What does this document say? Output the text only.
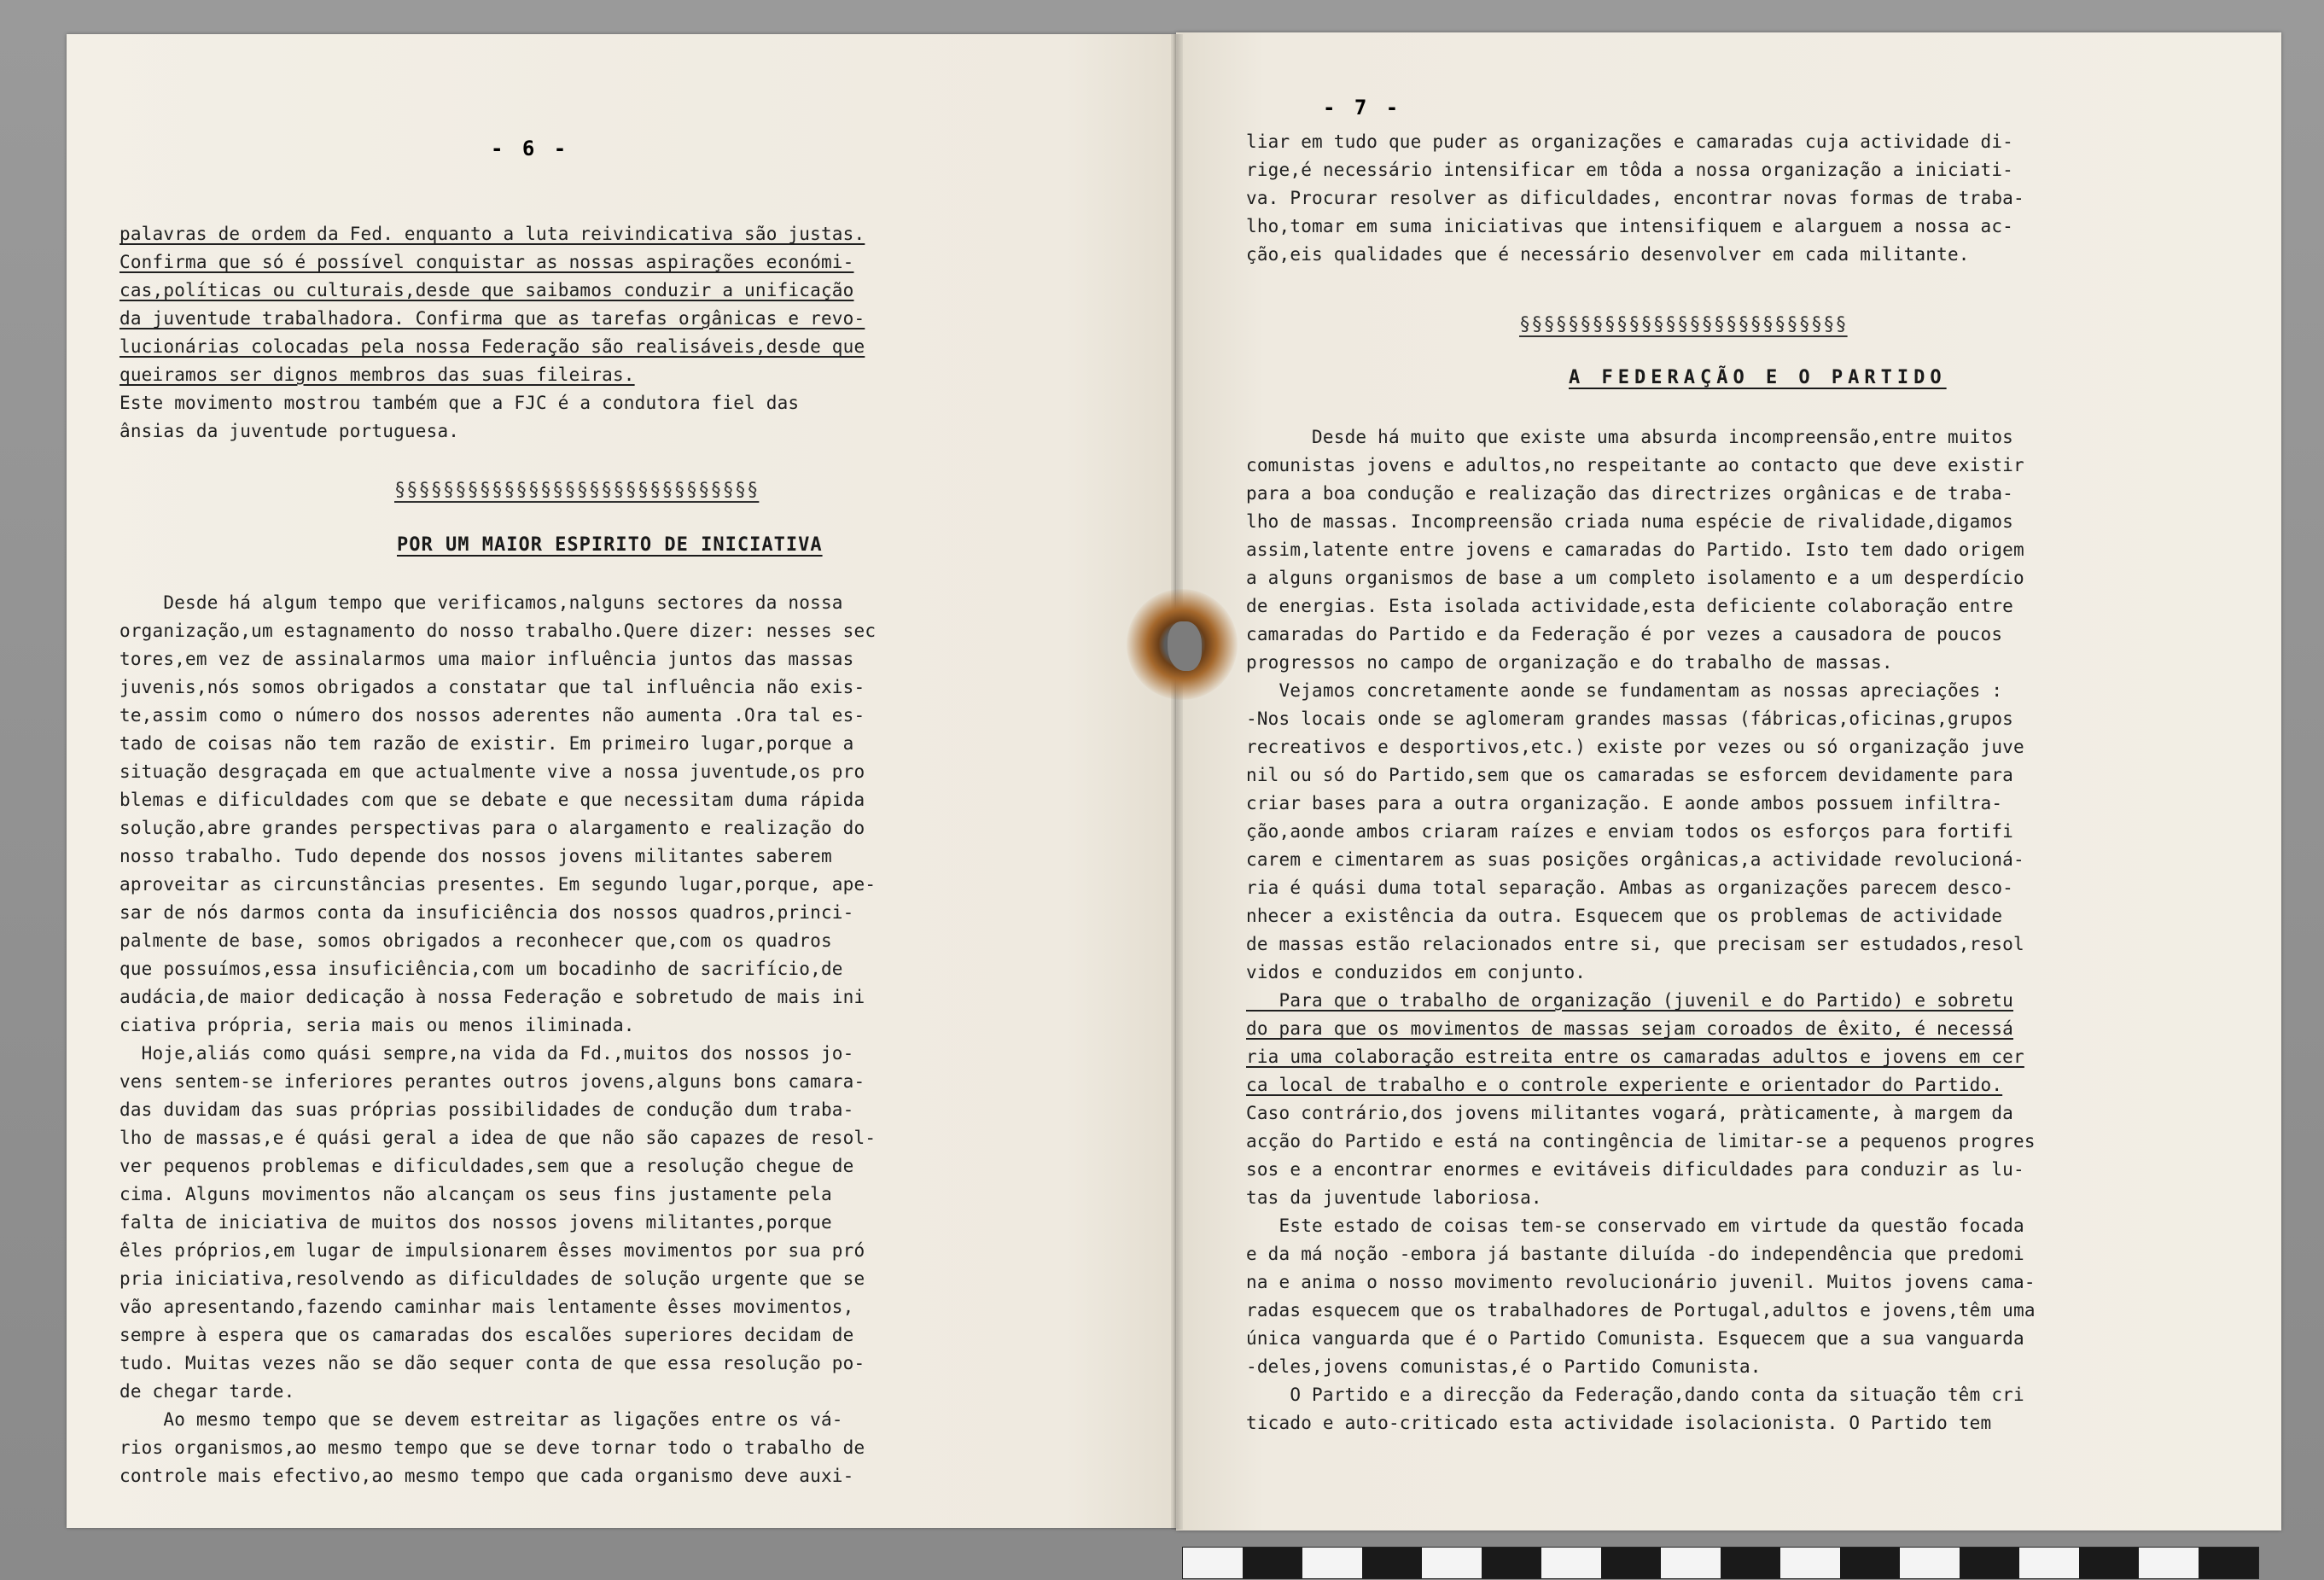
- 6 -
- 7 -
palavras de ordem da Fed. enquanto a luta reivindicativa são justas.
Confirma que só é possível conquistar as nossas aspirações económi-
cas,políticas ou culturais,desde que saibamos conduzir a unificação
da juventude trabalhadora. Confirma que as tarefas orgânicas e revo-
lucionárias colocadas pela nossa Federação são realisáveis,desde que
queiramos ser dignos membros das suas fileiras.
Este movimento mostrou também que a FJC é a condutora fiel das
ânsias da juventude portuguesa.
§§§§§§§§§§§§§§§§§§§§§§§§§§§§§§
POR UM MAIOR ESPIRITO DE INICIATIVA
Desde há algum tempo que verificamos,nalguns sectores da nossa
organização,um estagnamento do nosso trabalho.Quere dizer: nesses sec
tores,em vez de assinalarmos uma maior influência juntos das massas
juvenis,nós somos obrigados a constatar que tal influência não exis-
te,assim como o número dos nossos aderentes não aumenta .Ora tal es-
tado de coisas não tem razão de existir. Em primeiro lugar,porque a
situação desgraçada em que actualmente vive a nossa juventude,os pro
blemas e dificuldades com que se debate e que necessitam duma rápida
solução,abre grandes perspectivas para o alargamento e realização do
nosso trabalho. Tudo depende dos nossos jovens militantes saberem
aproveitar as circunstâncias presentes. Em segundo lugar,porque, ape-
sar de nós darmos conta da insuficiência dos nossos quadros,princi-
palmente de base, somos obrigados a reconhecer que,com os quadros
que possuímos,essa insuficiência,com um bocadinho de sacrifício,de
audácia,de maior dedicação à nossa Federação e sobretudo de mais ini
ciativa própria, seria mais ou menos iliminada.
Hoje,aliás como quási sempre,na vida da Fd.,muitos dos nossos jo-
vens sentem-se inferiores perantes outros jovens,alguns bons camara-
das duvidam das suas próprias possibilidades de condução dum traba-
lho de massas,e é quási geral a idea de que não são capazes de resol-
ver pequenos problemas e dificuldades,sem que a resolução chegue de
cima. Alguns movimentos não alcançam os seus fins justamente pela
falta de iniciativa de muitos dos nossos jovens militantes,porque
êles próprios,em lugar de impulsionarem êsses movimentos por sua pró
pria iniciativa,resolvendo as dificuldades de solução urgente que se
vão apresentando,fazendo caminhar mais lentamente êsses movimentos,
sempre à espera que os camaradas dos escalões superiores decidam de
tudo. Muitas vezes não se dão sequer conta de que essa resolução po-
de chegar tarde.
Ao mesmo tempo que se devem estreitar as ligações entre os vá-
rios organismos,ao mesmo tempo que se deve tornar todo o trabalho de
controle mais efectivo,ao mesmo tempo que cada organismo deve auxi-
liar em tudo que puder as organizações e camaradas cuja actividade di-
rige,é necessário intensificar em tôda a nossa organização a iniciati-
va. Procurar resolver as dificuldades, encontrar novas formas de traba-
lho,tomar em suma iniciativas que intensifiquem e alarguem a nossa ac-
ção,eis qualidades que é necessário desenvolver em cada militante.
§§§§§§§§§§§§§§§§§§§§§§§§§§§
A FEDERAÇÃO E O PARTIDO
Desde há muito que existe uma absurda incompreensão,entre muitos
comunistas jovens e adultos,no respeitante ao contacto que deve existir
para a boa condução e realização das directrizes orgânicas e de traba-
lho de massas. Incompreensão criada numa espécie de rivalidade,digamos
assim,latente entre jovens e camaradas do Partido. Isto tem dado origem
a alguns organismos de base a um completo isolamento e a um desperdício
de energias. Esta isolada actividade,esta deficiente colaboração entre
camaradas do Partido e da Federação é por vezes a causadora de poucos
progressos no campo de organização e do trabalho de massas.
Vejamos concretamente aonde se fundamentam as nossas apreciações :
-Nos locais onde se aglomeram grandes massas (fábricas,oficinas,grupos
recreativos e desportivos,etc.) existe por vezes ou só organização juve
nil ou só do Partido,sem que os camaradas se esforcem devidamente para
criar bases para a outra organização. E aonde ambos possuem infiltra-
ção,aonde ambos criaram raízes e enviam todos os esforços para fortifi
carem e cimentarem as suas posições orgânicas,a actividade revolucioná-
ria é quási duma total separação. Ambas as organizações parecem desco-
nhecer a existência da outra. Esquecem que os problemas de actividade
de massas estão relacionados entre si, que precisam ser estudados,resol
vidos e conduzidos em conjunto.
Para que o trabalho de organização (juvenil e do Partido) e sobretu
do para que os movimentos de massas sejam coroados de êxito, é necessá
ria uma colaboração estreita entre os camaradas adultos e jovens em cer
ca local de trabalho e o controle experiente e orientador do Partido.
Caso contrário,dos jovens militantes vogará, pràticamente, à margem da
acção do Partido e está na contingência de limitar-se a pequenos progres
sos e a encontrar enormes e evitáveis dificuldades para conduzir as lu-
tas da juventude laboriosa.
Este estado de coisas tem-se conservado em virtude da questão focada
e da má noção -embora já bastante diluída -do independência que predomi
na e anima o nosso movimento revolucionário juvenil. Muitos jovens cama-
radas esquecem que os trabalhadores de Portugal,adultos e jovens,têm uma
única vanguarda que é o Partido Comunista. Esquecem que a sua vanguarda
-deles,jovens comunistas,é o Partido Comunista.
O Partido e a direcção da Federação,dando conta da situação têm cri
ticado e auto-criticado esta actividade isolacionista. O Partido tem
